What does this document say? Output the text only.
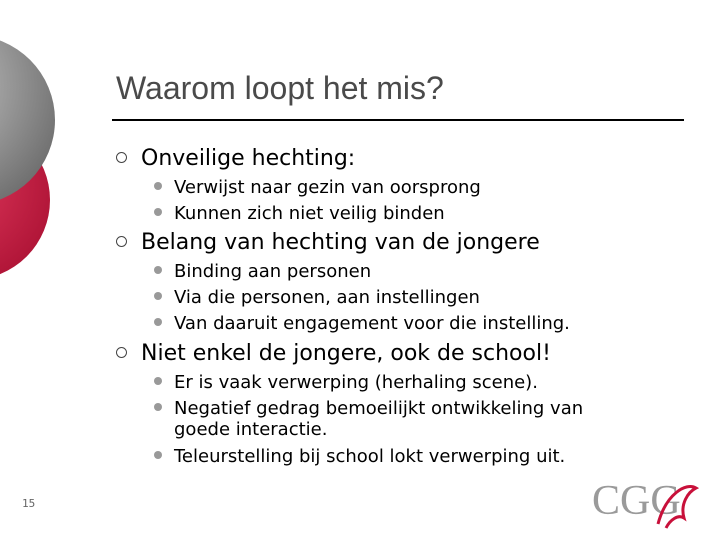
Waarom loopt het mis?
Onveilige hechting:
Verwijst naar gezin van oorsprong
Kunnen zich niet veilig binden
Belang van hechting van de jongere
Binding aan personen
Via die personen, aan instellingen
Van daaruit engagement voor die instelling.
Niet enkel de jongere, ook de school!
Er is vaak verwerping (herhaling scene).
Negatief gedrag bemoeilijkt ontwikkeling van
goede interactie.
Teleurstelling bij school lokt verwerping uit.
15	CGG
